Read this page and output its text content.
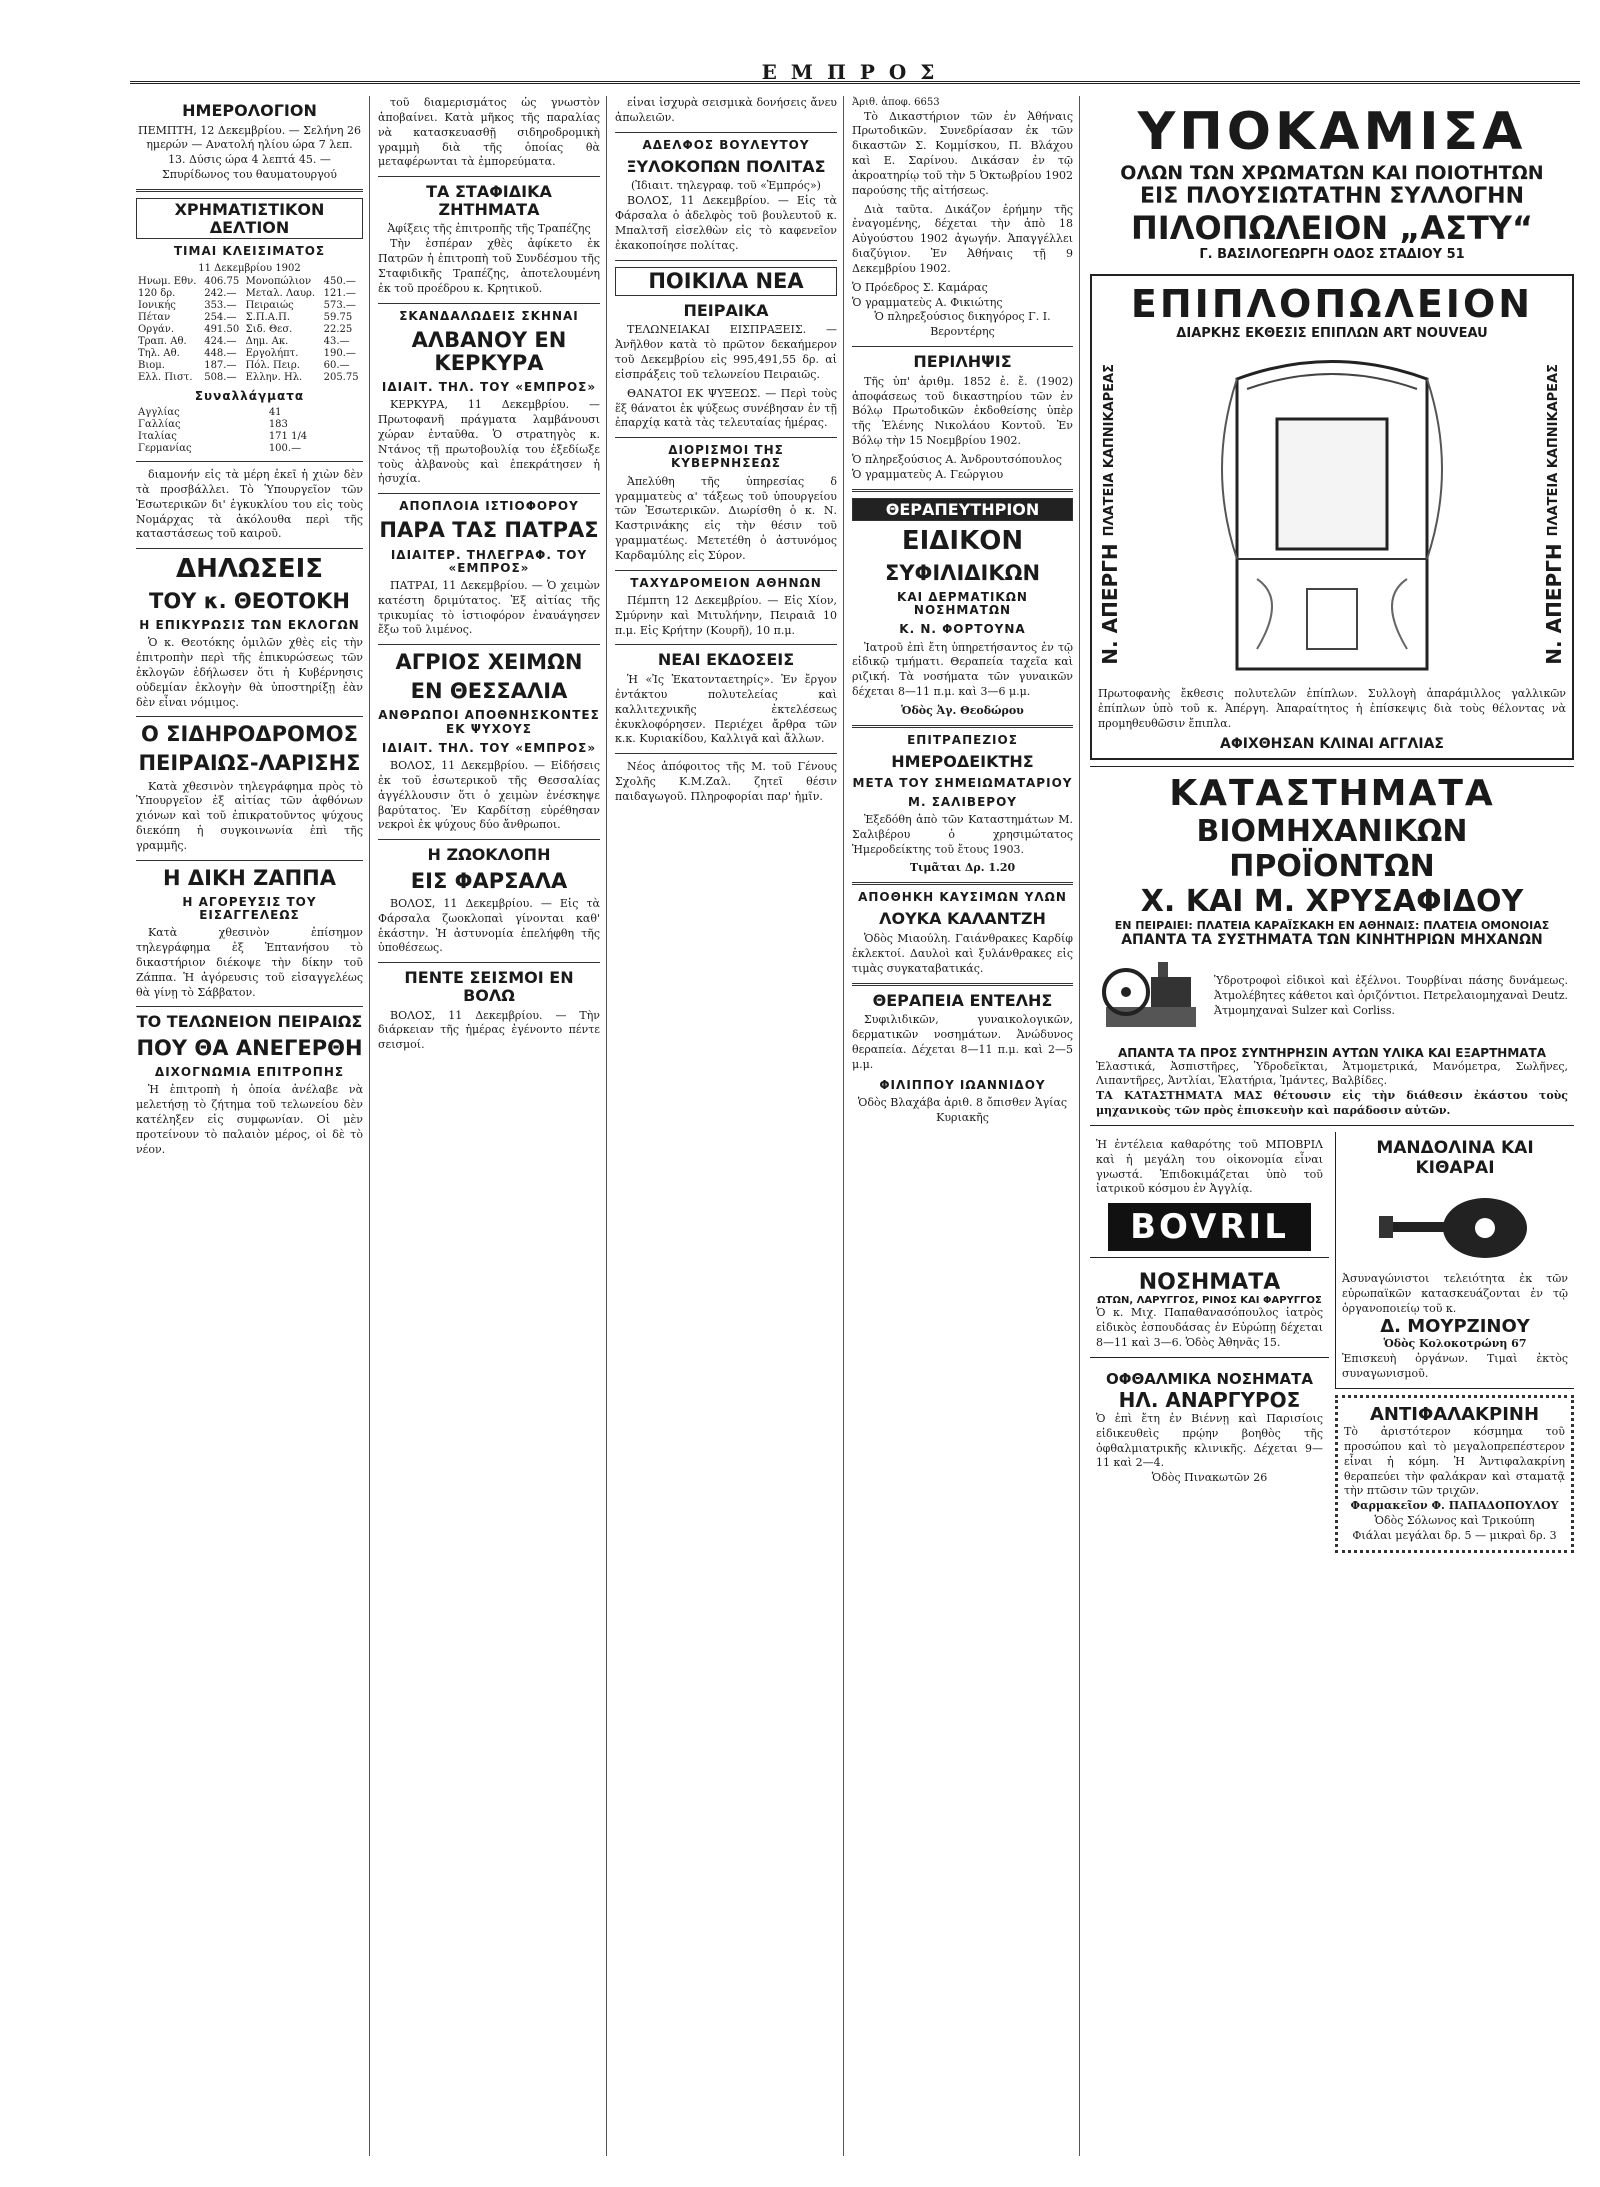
ΕΜΠΡΟΣ
ΗΜΕΡΟΛΟΓΙΟΝ
ΠΕΜΠΤΗ, 12 Δεκεμβρίου. — Σελήνη 26 ημερών — Ανατολή ηλίου ώρα 7 λεπ. 13. Δύσις ώρα 4 λεπτά 45. — Σπυρίδωνος του θαυματουργού
ΧΡΗΜΑΤΙΣΤΙΚΟΝ ΔΕΛΤΙΟΝ
ΤΙΜΑΙ ΚΛΕΙΣΙΜΑΤΟΣ
11 Δεκεμβρίου 1902
Ηνωμ. Εθν.	406.75	Μονοπώλιον	450.—
120 δρ.	242.—	Μεταλ. Λαυρ.	121.—
Ιονικής	353.—	Πειραιώς	573.—
Πέταν	254.—	Σ.Π.Α.Π.	59.75
Οργάν.	491.50	Σιδ. Θεσ.	22.25
Τραπ. Αθ.	424.—	Δημ. Ακ.	43.—
Τηλ. Αθ.	448.—	Εργολήπτ.	190.—
Βιομ.	187.—	Πόλ. Πειρ.	60.—
Ελλ. Πιστ.	508.—	Ελλην. Ηλ.	205.75
Συναλλάγματα
Αγγλίας	41
Γαλλίας	183
Ιταλίας	171 1/4
Γερμανίας	100.—

διαμονήν εἰς τὰ μέρη ἐκεῖ ἡ χιὼν δὲν τὰ προσβάλλει. Τὸ Ὑπουργεῖον τῶν Ἐσωτερικῶν δι' ἐγκυκλίου του εἰς τοὺς Νομάρχας τὰ ἀκόλουθα περὶ τῆς καταστάσεως τοῦ καιροῦ.

ΔΗΛΩΣΕΙΣ
ΤΟΥ κ. ΘΕΟΤΟΚΗ
Η ΕΠΙΚΥΡΩΣΙΣ ΤΩΝ ΕΚΛΟΓΩΝ

Ὁ κ. Θεοτόκης ὁμιλῶν χθὲς εἰς τὴν ἐπιτροπὴν περὶ τῆς ἐπικυρώσεως τῶν ἐκλογῶν ἐδήλωσεν ὅτι ἡ Κυβέρνησις οὐδεμίαν ἐκλογὴν θὰ ὑποστηρίξῃ ἐὰν δὲν εἶναι νόμιμος.

Ο ΣΙΔΗΡΟΔΡΟΜΟΣ
ΠΕΙΡΑΙΩΣ-ΛΑΡΙΣΗΣ

Κατὰ χθεσινὸν τηλεγράφημα πρὸς τὸ Ὑπουργεῖον ἐξ αἰτίας τῶν ἀφθόνων χιόνων καὶ τοῦ ἐπικρατοῦντος ψύχους διεκόπη ἡ συγκοινωνία ἐπὶ τῆς γραμμῆς.

Η ΔΙΚΗ ΖΑΠΠΑ
Η ΑΓΟΡΕΥΣΙΣ ΤΟΥ ΕΙΣΑΓΓΕΛΕΩΣ

Κατὰ χθεσινὸν ἐπίσημον τηλεγράφημα ἐξ Ἑπτανήσου τὸ δικαστήριον διέκοψε τὴν δίκην τοῦ Ζάππα. Ἡ ἀγόρευσις τοῦ εἰσαγγελέως θὰ γίνῃ τὸ Σάββατον.

ΤΟ ΤΕΛΩΝΕΙΟΝ ΠΕΙΡΑΙΩΣ
ΠΟΥ ΘΑ ΑΝΕΓΕΡΘΗ
ΔΙΧΟΓΝΩΜΙΑ ΕΠΙΤΡΟΠΗΣ

Ἡ ἐπιτροπὴ ἡ ὁποία ἀνέλαβε νὰ μελετήσῃ τὸ ζήτημα τοῦ τελωνείου δὲν κατέληξεν εἰς συμφωνίαν. Οἱ μὲν προτείνουν τὸ παλαιὸν μέρος, οἱ δὲ τὸ νέον.

τοῦ διαμερισμάτος ὡς γνωστὸν ἀποβαίνει. Κατὰ μῆκος τῆς παραλίας νὰ κατασκευασθῇ σιδηροδρομικὴ γραμμὴ διὰ τῆς ὁποίας θὰ μεταφέρωνται τὰ ἐμπορεύματα.

ΤΑ ΣΤΑΦΙΔΙΚΑ ΖΗΤΗΜΑΤΑ
Ἀφίξεις τῆς ἐπιτροπῆς τῆς Τραπέζης

Τὴν ἑσπέραν χθὲς ἀφίκετο ἐκ Πατρῶν ἡ ἐπιτροπὴ τοῦ Συνδέσμου τῆς Σταφιδικῆς Τραπέζης, ἀποτελουμένη ἐκ τοῦ προέδρου κ. Κρητικοῦ.

ΣΚΑΝΔΑΛΩΔΕΙΣ ΣΚΗΝΑΙ
ΑΛΒΑΝΟΥ ΕΝ ΚΕΡΚΥΡΑ
ΙΔΙΑΙΤ. ΤΗΛ. ΤΟΥ «ΕΜΠΡΟΣ»

ΚΕΡΚΥΡΑ, 11 Δεκεμβρίου. — Πρωτοφανῆ πράγματα λαμβάνουσι χώραν ἐνταῦθα. Ὁ στρατηγὸς κ. Ντάνος τῇ πρωτοβουλίᾳ του ἐξεδίωξε τοὺς ἀλβανοὺς καὶ ἐπεκράτησεν ἡ ἡσυχία.

ΑΠΟΠΛΟΙΑ ΙΣΤΙΟΦΟΡΟΥ
ΠΑΡΑ ΤΑΣ ΠΑΤΡΑΣ
ΙΔΙΑΙΤΕΡ. ΤΗΛΕΓΡΑΦ. ΤΟΥ «ΕΜΠΡΟΣ»

ΠΑΤΡΑΙ, 11 Δεκεμβρίου. — Ὁ χειμὼν κατέστη δριμύτατος. Ἐξ αἰτίας τῆς τρικυμίας τὸ ἱστιοφόρον ἐναυάγησεν ἔξω τοῦ λιμένος.

ΑΓΡΙΟΣ ΧΕΙΜΩΝ
ΕΝ ΘΕΣΣΑΛΙΑ
ΑΝΘΡΩΠΟΙ ΑΠΟΘΝΗΣΚΟΝΤΕΣ ΕΚ ΨΥΧΟΥΣ
ΙΔΙΑΙΤ. ΤΗΛ. ΤΟΥ «ΕΜΠΡΟΣ»

ΒΟΛΟΣ, 11 Δεκεμβρίου. — Εἰδήσεις ἐκ τοῦ ἐσωτερικοῦ τῆς Θεσσαλίας ἀγγέλλουσιν ὅτι ὁ χειμὼν ἐνέσκηψε βαρύτατος. Ἐν Καρδίτσῃ εὑρέθησαν νεκροὶ ἐκ ψύχους δύο ἄνθρωποι.

Η ΖΩΟΚΛΟΠΗ
ΕΙΣ ΦΑΡΣΑΛΑ

ΒΟΛΟΣ, 11 Δεκεμβρίου. — Εἰς τὰ Φάρσαλα ζωοκλοπαὶ γίνονται καθ' ἑκάστην. Ἡ ἀστυνομία ἐπελήφθη τῆς ὑποθέσεως.

ΠΕΝΤΕ ΣΕΙΣΜΟΙ ΕΝ ΒΟΛΩ

ΒΟΛΟΣ, 11 Δεκεμβρίου. — Τὴν διάρκειαν τῆς ἡμέρας ἐγένοντο πέντε σεισμοί.

εἶναι ἰσχυρὰ σεισμικὰ δονήσεις ἄνευ ἀπωλειῶν.

ΑΔΕΛΦΟΣ ΒΟΥΛΕΥΤΟΥ
ΞΥΛΟΚΟΠΩΝ ΠΟΛΙΤΑΣ
(Ἰδιαιτ. τηλεγραφ. τοῦ «Ἐμπρός»)

ΒΟΛΟΣ, 11 Δεκεμβρίου. — Εἰς τὰ Φάρσαλα ὁ ἀδελφὸς τοῦ βουλευτοῦ κ. Μπαλτσῆ εἰσελθὼν εἰς τὸ καφενεῖον ἐκακοποίησε πολίτας.

ΠΟΙΚΙΛΑ ΝΕΑ
ΠΕΙΡΑΙΚΑ

ΤΕΛΩΝΕΙΑΚΑΙ ΕΙΣΠΡΑΞΕΙΣ. — Ἀνῆλθον κατὰ τὸ πρῶτον δεκαήμερον τοῦ Δεκεμβρίου εἰς 995,491,55 δρ. αἱ εἰσπράξεις τοῦ τελωνείου Πειραιῶς.

ΘΑΝΑΤΟΙ ΕΚ ΨΥΞΕΩΣ. — Περὶ τοὺς ἕξ θάνατοι ἐκ ψύξεως συνέβησαν ἐν τῇ ἐπαρχίᾳ κατὰ τὰς τελευταίας ἡμέρας.

ΔΙΟΡΙΣΜΟΙ ΤΗΣ ΚΥΒΕΡΝΗΣΕΩΣ

Ἀπελύθη τῆς ὑπηρεσίας δ γραμματεὺς α' τάξεως τοῦ ὑπουργείου τῶν Ἐσωτερικῶν. Διωρίσθη ὁ κ. Ν. Καστρινάκης εἰς τὴν θέσιν τοῦ γραμματέως. Μετετέθη ὁ ἀστυνόμος Καρδαμύλης εἰς Σύρον.

ΤΑΧΥΔΡΟΜΕΙΟΝ ΑΘΗΝΩΝ

Πέμπτη 12 Δεκεμβρίου. — Εἰς Χίον, Σμύρνην καὶ Μιτυλήνην, Πειραιᾶ 10 π.μ. Εἰς Κρήτην (Κουρῆ), 10 π.μ.

ΝΕΑΙ ΕΚΔΟΣΕΙΣ

Ἡ «Ἰς Ἑκατονταετηρίς». Ἐν ἔργον ἐντάκτου πολυτελείας καὶ καλλιτεχνικῆς ἐκτελέσεως ἐκυκλοφόρησεν. Περιέχει ἄρθρα τῶν κ.κ. Κυριακίδου, Καλλιγᾶ καὶ ἄλλων.

Νέος ἀπόφοιτος τῆς Μ. τοῦ Γένους Σχολῆς Κ.Μ.Ζαλ. ζητεῖ θέσιν παιδαγωγοῦ. Πληροφορίαι παρ' ἡμῖν.

Ἀριθ. ἀποφ. 6653

Τὸ Δικαστήριον τῶν ἐν Ἀθήναις Πρωτοδικῶν. Συνεδρίασαν ἐκ τῶν δικαστῶν Σ. Κομμίσκου, Π. Βλάχου καὶ Ε. Σαρίνου. Δικάσαν ἐν τῷ ἀκροατηρίῳ τοῦ τὴν 5 Ὀκτωβρίου 1902 παρούσης τῆς αἰτήσεως.

Διὰ ταῦτα. Δικάζον ἐρήμην τῆς ἐναγομένης, δέχεται τὴν ἀπὸ 18 Αὐγούστου 1902 ἀγωγήν. Ἀπαγγέλλει διαζύγιον. Ἐν Ἀθήναις τῇ 9 Δεκεμβρίου 1902.

Ὁ Πρόεδρος Σ. Καμάρας
Ὁ γραμματεὺς Α. Φικιώτης
Ὁ πληρεξούσιος δικηγόρος Γ. Ι. Βεροντέρης
ΠΕΡΙΛΗΨΙΣ

Τῆς ὑπ' ἀριθμ. 1852 ἐ. ἔ. (1902) ἀποφάσεως τοῦ δικαστηρίου τῶν ἐν Βόλῳ Πρωτοδικῶν ἐκδοθείσης ὑπὲρ τῆς Ἑλένης Νικολάου Κοντοῦ. Ἐν Βόλῳ τὴν 15 Νοεμβρίου 1902.

Ὁ πληρεξούσιος Α. Ἀνδρουτσόπουλος
Ὁ γραμματεὺς Α. Γεώργιου
ΘΕΡΑΠΕΥΤΗΡΙΟΝ
ΕΙΔΙΚΟΝ
ΣΥΦΙΛΙΔΙΚΩΝ
ΚΑΙ ΔΕΡΜΑΤΙΚΩΝ ΝΟΣΗΜΑΤΩΝ
Κ. Ν. ΦΟΡΤΟΥΝΑ

Ἰατροῦ ἐπὶ ἔτη ὑπηρετήσαντος ἐν τῷ εἰδικῷ τμήματι. Θεραπεία ταχεῖα καὶ ριζική. Τὰ νοσήματα τῶν γυναικῶν δέχεται 8—11 π.μ. καὶ 3—6 μ.μ.

Ὁδὸς Ἀγ. Θεοδώρου
ΕΠΙΤΡΑΠΕΖΙΟΣ
ΗΜΕΡΟΔΕΙΚΤΗΣ
ΜΕΤΑ ΤΟΥ ΣΗΜΕΙΩΜΑΤΑΡΙΟΥ
Μ. ΣΑΛΙΒΕΡΟΥ

Ἐξεδόθη ἀπὸ τῶν Καταστημάτων Μ. Σαλιβέρου ὁ χρησιμώτατος Ἡμεροδείκτης τοῦ ἔτους 1903.

Τιμᾶται Δρ. 1.20
ΑΠΟΘΗΚΗ ΚΑΥΣΙΜΩΝ ΥΛΩΝ
ΛΟΥΚΑ ΚΑΛΑΝΤΖΗ

Ὁδὸς Μιαούλη. Γαιάνθρακες Καρδίφ ἐκλεκτοί. Δαυλοὶ καὶ ξυλάνθρακες εἰς τιμὰς συγκαταβατικάς.

ΘΕΡΑΠΕΙΑ ΕΝΤΕΛΗΣ

Συφιλιδικῶν, γυναικολογικῶν, δερματικῶν νοσημάτων. Ἀνώδυνος θεραπεία. Δέχεται 8—11 π.μ. καὶ 2—5 μ.μ.

ΦΙΛΙΠΠΟΥ ΙΩΑΝΝΙΔΟΥ
Ὁδὸς Βλαχάβα ἀριθ. 8 ὄπισθεν Ἁγίας Κυριακῆς
ΥΠΟΚΑΜΙΣΑ
ΟΛΩΝ ΤΩΝ ΧΡΩΜΑΤΩΝ ΚΑΙ ΠΟΙΟΤΗΤΩΝ
ΕΙΣ ΠΛΟΥΣΙΩΤΑΤΗΝ ΣΥΛΛΟΓΗΝ
ΠΙΛΟΠΩΛΕΙΟΝ „ΑΣΤΥ“
Γ. ΒΑΣΙΛΟΓΕΩΡΓΗ ΟΔΟΣ ΣΤΑΔΙΟΥ 51
ΕΠΙΠΛΟΠΩΛΕΙΟΝ
ΔΙΑΡΚΗΣ ΕΚΘΕΣΙΣ ΕΠΙΠΛΩΝ ART NOUVEAU
Ν. ΑΠΕΡΓΗ ΠΛΑΤΕΙΑ ΚΑΠΝΙΚΑΡΕΑΣ
Ν. ΑΠΕΡΓΗ ΠΛΑΤΕΙΑ ΚΑΠΝΙΚΑΡΕΑΣ
Πρωτοφανὴς ἔκθεσις πολυτελῶν ἐπίπλων. Συλλογὴ ἀπαράμιλλος γαλλικῶν ἐπίπλων ὑπὸ τοῦ κ. Ἀπέργη. Ἀπαραίτητος ἡ ἐπίσκεψις διὰ τοὺς θέλοντας νὰ προμηθευθῶσιν ἔπιπλα.
ΑΦΙΧΘΗΣΑΝ ΚΛΙΝΑΙ ΑΓΓΛΙΑΣ
ΚΑΤΑΣΤΗΜΑΤΑ
ΒΙΟΜΗΧΑΝΙΚΩΝ ΠΡΟΪΟΝΤΩΝ
Χ. ΚΑΙ Μ. ΧΡΥΣΑΦΙΔΟΥ
ΕΝ ΠΕΙΡΑΙΕΙ: ΠΛΑΤΕΙΑ ΚΑΡΑΪΣΚΑΚΗ ΕΝ ΑΘΗΝΑΙΣ: ΠΛΑΤΕΙΑ ΟΜΟΝΟΙΑΣ
ΑΠΑΝΤΑ ΤΑ ΣΥΣΤΗΜΑΤΑ ΤΩΝ ΚΙΝΗΤΗΡΙΩΝ ΜΗΧΑΝΩΝ
Ὑδροτροφοὶ εἰδικοὶ καὶ ἐξέλνοι. Τουρβίναι πάσης δυνάμεως. Ἀτμολέβητες κάθετοι καὶ ὁριζόντιοι. Πετρελαιομηχαναὶ Deutz. Ἀτμομηχαναὶ Sulzer καὶ Corliss.
ΑΠΑΝΤΑ ΤΑ ΠΡΟΣ ΣΥΝΤΗΡΗΣΙΝ ΑΥΤΩΝ ΥΛΙΚΑ ΚΑΙ ΕΞΑΡΤΗΜΑΤΑ
Ἐλαστικά, Ἀσπιστῆρες, Ὑδροδεῖκται, Ἀτμομετρικά, Μανόμετρα, Σωλῆνες, Λιπαντῆρες, Ἀντλίαι, Ἐλατήρια, Ἰμάντες, Βαλβίδες.
ΤΑ ΚΑΤΑΣΤΗΜΑΤΑ ΜΑΣ θέτουσιν εἰς τὴν διάθεσιν ἐκάστου τοὺς μηχανικοὺς τῶν πρὸς ἐπισκευὴν καὶ παράδοσιν αὐτῶν.
Ἡ ἐντέλεια καθαρότης τοῦ ΜΠΟΒΡΙΛ καὶ ἡ μεγάλη του οἰκονομία εἶναι γνωστά. Ἐπιδοκιμάζεται ὑπὸ τοῦ ἰατρικοῦ κόσμου ἐν Ἀγγλίᾳ.
BOVRIL
ΝΟΣΗΜΑΤΑ
ΩΤΩΝ, ΛΑΡΥΓΓΟΣ, ΡΙΝΟΣ ΚΑΙ ΦΑΡΥΓΓΟΣ
Ὁ κ. Μιχ. Παπαθανασόπουλος ἰατρὸς εἰδικὸς ἐσπουδάσας ἐν Εὐρώπῃ δέχεται 8—11 καὶ 3—6. Ὁδὸς Ἀθηνᾶς 15.
ΟΦΘΑΛΜΙΚΑ ΝΟΣΗΜΑΤΑ
ΗΛ. ΑΝΑΡΓΥΡΟΣ
Ὁ ἐπὶ ἔτη ἐν Βιέννῃ καὶ Παρισίοις εἰδικευθεὶς πρῴην βοηθὸς τῆς ὀφθαλμιατρικῆς κλινικῆς. Δέχεται 9—11 καὶ 2—4.
Ὁδὸς Πινακωτῶν 26
ΜΑΝΔΟΛΙΝΑ ΚΑΙ ΚΙΘΑΡΑΙ
Ἀσυναγώνιστοι τελειότητα ἐκ τῶν εὐρωπαϊκῶν κατασκευάζονται ἐν τῷ ὀργανοποιείῳ τοῦ κ.
Δ. ΜΟΥΡΖΙΝΟΥ
Ὁδὸς Κολοκοτρώνη 67
Ἐπισκευὴ ὀργάνων. Τιμαὶ ἐκτὸς συναγωνισμοῦ.
ΑΝΤΙΦΑΛΑΚΡΙΝΗ
Τὸ ἀριστότερον κόσμημα τοῦ προσώπου καὶ τὸ μεγαλοπρεπέστερον εἶναι ἡ κόμη. Ἡ Ἀντιφαλακρίνη θεραπεύει τὴν φαλάκραν καὶ σταματᾷ τὴν πτῶσιν τῶν τριχῶν.
Φαρμακεῖον Φ. ΠΑΠΑΔΟΠΟΥΛΟΥ
Ὁδὸς Σόλωνος καὶ Τρικούπη
Φιάλαι μεγάλαι δρ. 5 — μικραὶ δρ. 3
